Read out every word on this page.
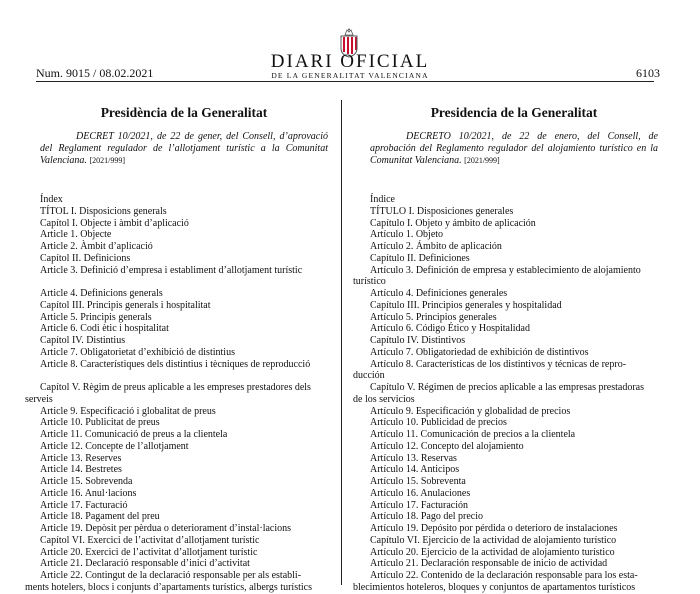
DIARI OFICIAL
DE LA GENERALITAT VALENCIANA
Num. 9015 / 08.02.2021	6103
Presidència de la Generalitat
DECRET 10/2021, de 22 de gener, del Consell, d’aprovació del Reglament regulador de l’allotjament turístic a la Comunitat Valenciana. [2021/999]
Índex
TÍTOL I. Disposicions generals
Capítol I. Objecte i àmbit d’aplicació
Article 1. Objecte
Article 2. Àmbit d’aplicació
Capítol II. Definicions
Article 3. Definició d’empresa i establiment d’allotjament turístic
Article 4. Definicions generals
Capítol III. Principis generals i hospitalitat
Article 5. Principis generals
Article 6. Codi ètic i hospitalitat
Capítol IV. Distintius
Article 7. Obligatorietat d’exhibició de distintius
Article 8. Característiques dels distintius i tècniques de reproducció
Capítol V. Règim de preus aplicable a les empreses prestadores dels
serveis
Article 9. Especificació i globalitat de preus
Article 10. Publicitat de preus
Article 11. Comunicació de preus a la clientela
Article 12. Concepte de l’allotjament
Article 13. Reserves
Article 14. Bestretes
Article 15. Sobrevenda
Article 16. Anul·lacions
Article 17. Facturació
Article 18. Pagament del preu
Article 19. Depòsit per pèrdua o deteriorament d’instal·lacions
Capítol VI. Exercici de l’activitat d’allotjament turístic
Article 20. Exercici de l’activitat d’allotjament turístic
Article 21. Declaració responsable d’inici d’activitat
Article 22. Contingut de la declaració responsable per als establi-
ments hotelers, blocs i conjunts d’apartaments turístics, albergs turístics
Presidencia de la Generalitat
DECRETO 10/2021, de 22 de enero, del Consell, de aprobación del Reglamento regulador del alojamiento turístico en la Comunitat Valenciana. [2021/999]
Índice
TÍTULO I. Disposiciones generales
Capítulo I. Objeto y ámbito de aplicación
Artículo 1. Objeto
Artículo 2. Ámbito de aplicación
Capítulo II. Definiciones
Artículo 3. Definición de empresa y establecimiento de alojamiento
turístico
Artículo 4. Definiciones generales
Capítulo III. Principios generales y hospitalidad
Artículo 5. Principios generales
Artículo 6. Código Ético y Hospitalidad
Capítulo IV. Distintivos
Artículo 7. Obligatoriedad de exhibición de distintivos
Artículo 8. Características de los distintivos y técnicas de repro-
ducción
Capítulo V. Régimen de precios aplicable a las empresas prestadoras
de los servicios
Artículo 9. Especificación y globalidad de precios
Artículo 10. Publicidad de precios
Artículo 11. Comunicación de precios a la clientela
Artículo 12. Concepto del alojamiento
Artículo 13. Reservas
Artículo 14. Anticipos
Artículo 15. Sobreventa
Artículo 16. Anulaciones
Artículo 17. Facturación
Artículo 18. Pago del precio
Artículo 19. Depósito por pérdida o deterioro de instalaciones
Capítulo VI. Ejercicio de la actividad de alojamiento turístico
Artículo 20. Ejercicio de la actividad de alojamiento turístico
Artículo 21. Declaración responsable de inicio de actividad
Artículo 22. Contenido de la declaración responsable para los esta-
blecimientos hoteleros, bloques y conjuntos de apartamentos turísticos
